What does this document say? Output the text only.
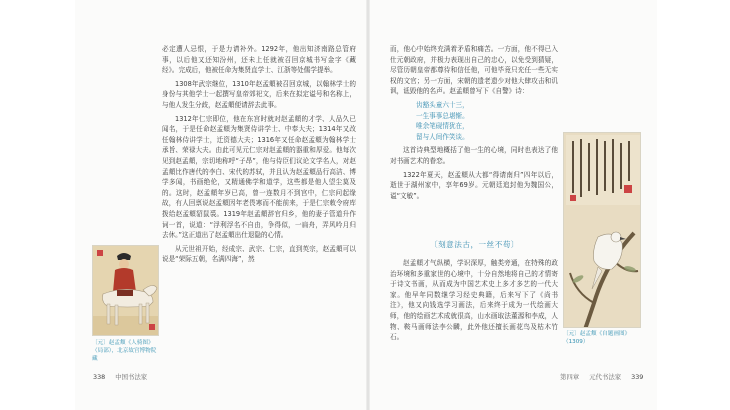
必定遭人忌恨，于是力请补外。1292年，他出知济南路总管府事，以后他又还知汾州，还未上任就被召回京城书写金字《藏经》。完成后，他被任命为集贤直学士、江浙等处儒学提举。

1308年武宗继位，1310年赵孟頫被召回京城，以翰林学士的身份与其他学士一起撰写皇帝郊祀文，后来在拟定谥号和名称上，与他人发生分歧，赵孟頫便请辞去此事。

1312年仁宗即位，他在东宫时就对赵孟頫的才学、人品久已闻名，于是任命赵孟頫为集贤侍讲学士、中奉大夫；1314年又改任翰林侍讲学士，迁资德大夫；1316年又任命赵孟頫为翰林学士承旨、荣禄大夫。由此可见元仁宗对赵孟頫的器重和厚爱。他每次见到赵孟頫，宗切地称呼“子昂”，他与侍臣们议论文学名人，对赵孟頫比作唐代的李白、宋代的苏轼，并且认为赵孟頫品行高洁、博学多闻，书画绝伦，又精通佛学和道学，这些都是他人望尘莫及的。这时，赵孟頫年岁已高，曾一连数月不到宫中，仁宗问起缘故，有人回禀说赵孟頫因年老畏寒而不能前来，于是仁宗敕令府库拨给赵孟頫貂鼠裘。1319年赵孟頫辞官归乡，他的妻子管道升作词一首，说道：“浮利浮名不自由，争得似，一扁舟，弄风吟月归去休。”这正道出了赵孟頫出仕退隐的心情。

从元世祖开始，经成宗、武宗、仁宗，直到英宗，赵孟頫可以说是“荣际五朝，名满四海”，然

〔元〕赵孟頫《人骑图》（局部），北京故宫博物院藏
338 中国书法家

而，他心中始终充满着矛盾和痛苦。一方面，他不得已入仕元朝政府，并极力表现出自己的忠心，以免受到猜疑，尽管历朝皇帝都尊待和信任他，可他毕竟只充任一些无实权的文官；另一方面，宋朝的遗老遗少对他大肆攻击和讥讽，诋毁他的名声。赵孟頫曾写下《自警》诗：

齿豁头童六十三，

一生事事总堪惭。

唯余笔砚情犹在，

留与人间作笑谈。

这首诗典型地概括了他一生的心境，同时也表达了他对书画艺术的眷恋。

1322年夏天，赵孟頫从大都“得请南归”四年以后，逝世于湖州家中，享年69岁。元朝廷追封他为魏国公，谥“文敏”。

〔刻意法古，一丝不苟〕

赵孟頫才气纵横，学识深厚，触类旁通，在特殊的政治环境和多重家世的心境中，十分自然地将自己的才情寄于诗文书画，从而成为中国艺术史上多才多艺的一代大家。他早年同数继学习经史典籍，后来写下了《尚书注》，他又向钱选学习画法，后来终于成为一代绘画大师，他的绘画艺术成就很高，山水画取法董源和李成，人物、鞍马画师法李公麟，此外他还擅长画花鸟及枯木竹石。	〔元〕赵孟頫《自题画图》（1309）
第四章 元代书法家 339
